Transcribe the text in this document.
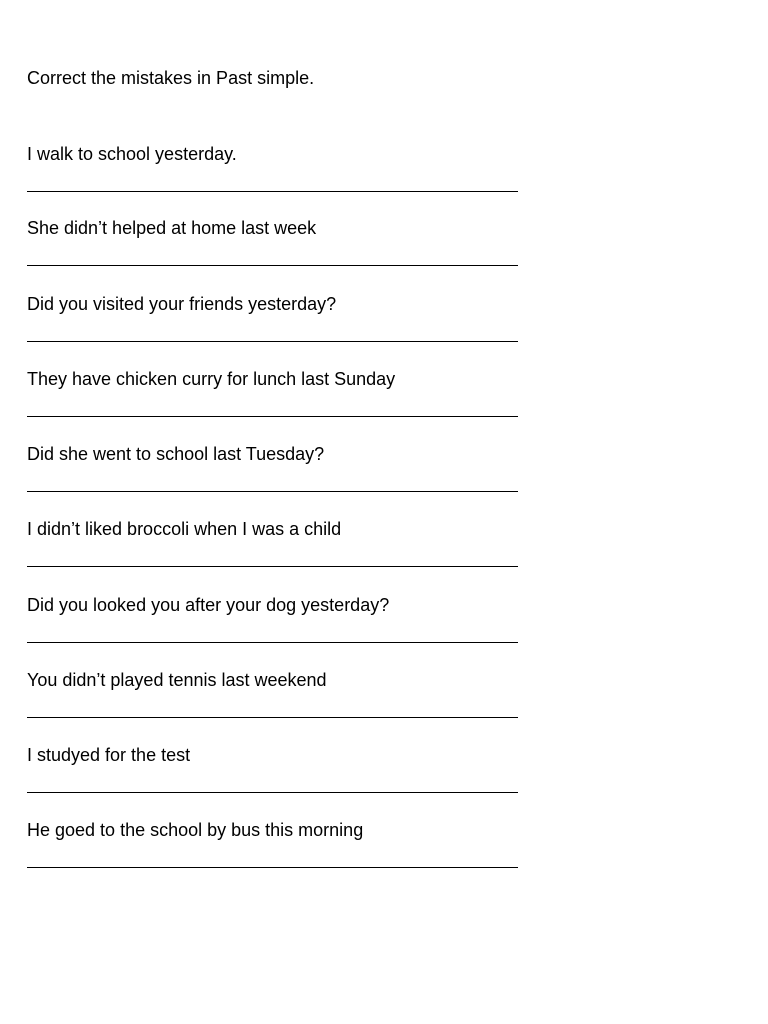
Correct the mistakes in Past simple.
I walk to school yesterday.
She didn’t helped at home last week
Did you visited your friends yesterday?
They have chicken curry for lunch last Sunday
Did she went to school last Tuesday?
I didn’t liked broccoli when I was a child
Did you looked you after your dog yesterday?
You didn’t played tennis last weekend
I studyed for the test
He goed to the school by bus this morning
